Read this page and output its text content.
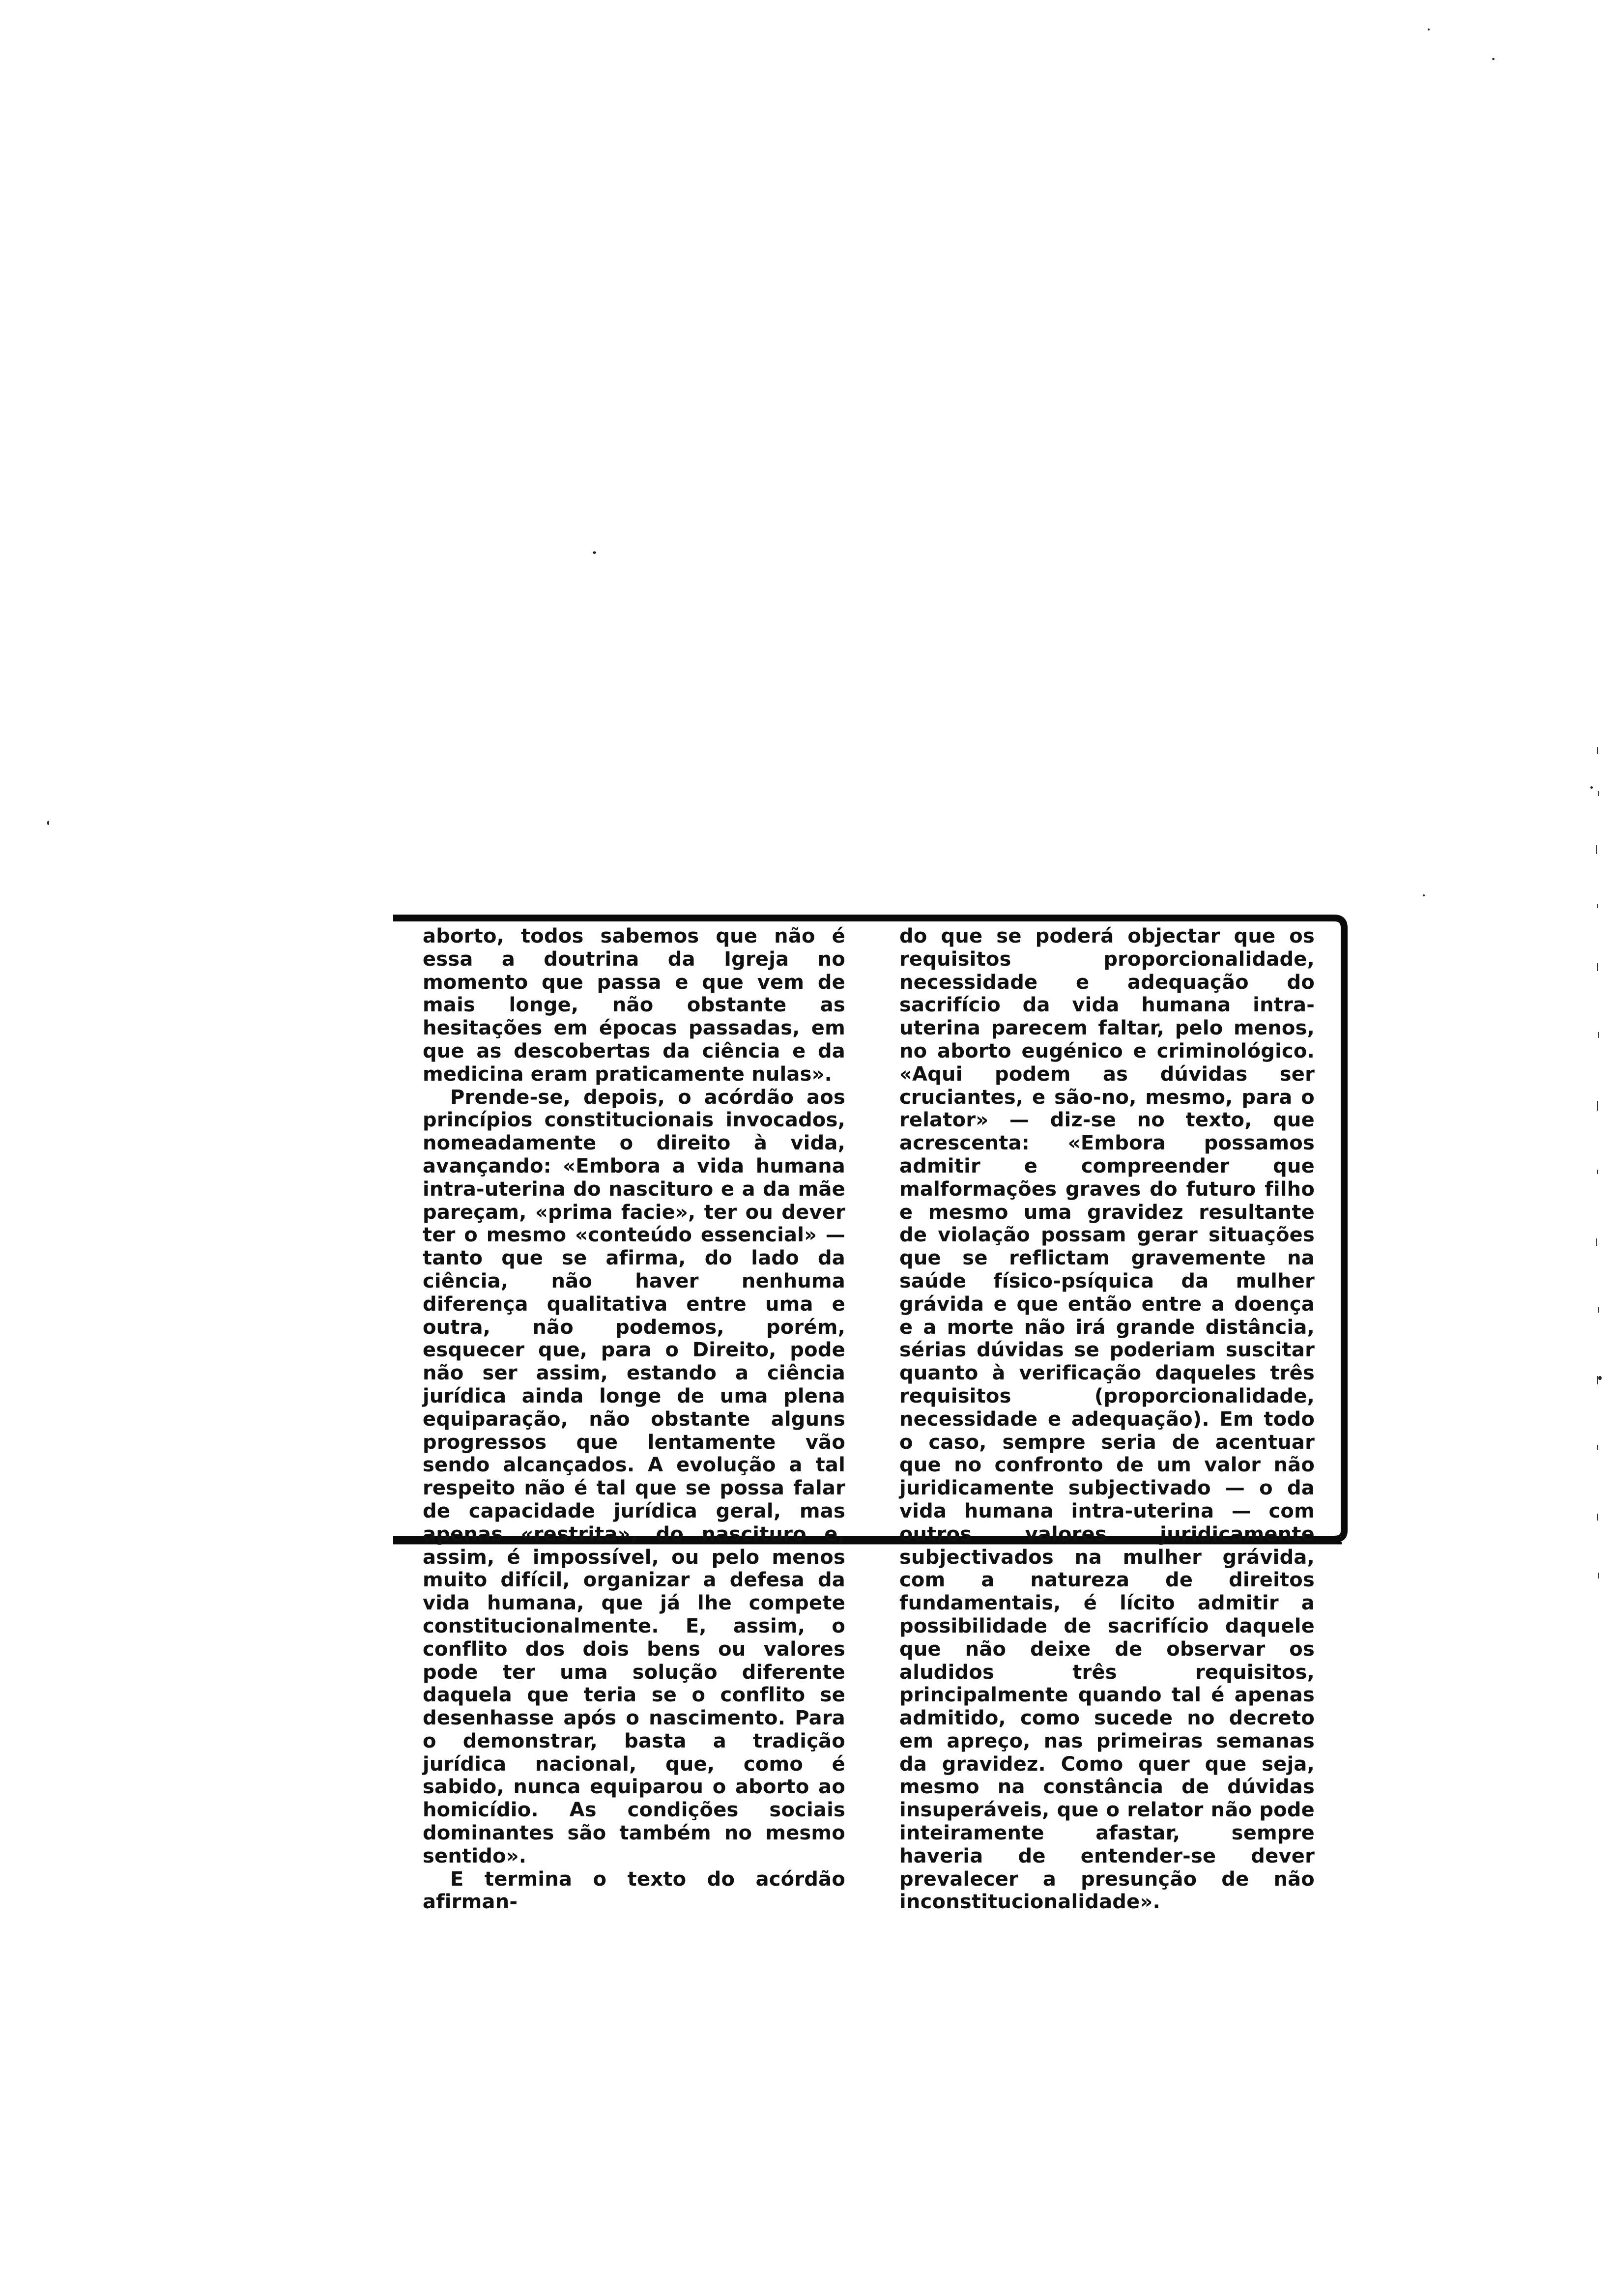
aborto, todos sabemos que não é essa a doutrina da Igreja no momento que passa e que vem de mais longe, não obstante as hesitações em épocas passadas, em que as descobertas da ciência e da medicina eram praticamente nulas».

Prende-se, depois, o acórdão aos princípios constitucionais invocados, nomeadamente o direito à vida, avançando: «Embora a vida humana intra-uterina do nascituro e a da mãe pareçam, «prima facie», ter ou dever ter o mesmo «conteúdo essencial» — tanto que se afirma, do lado da ciência, não haver nenhuma diferença qualitativa entre uma e outra, não podemos, porém, esquecer que, para o Direito, pode não ser assim, estando a ciência jurídica ainda longe de uma plena equiparação, não obstante alguns progressos que lentamente vão sendo alcançados. A evolução a tal respeito não é tal que se possa falar de capacidade jurídica geral, mas apenas «restrita», do nascituro e, assim, é impossível, ou pelo menos muito difícil, organizar a defesa da vida humana, que já lhe compete constitucionalmente. E, assim, o conflito dos dois bens ou valores pode ter uma solução diferente daquela que teria se o conflito se desenhasse após o nascimento. Para o demonstrar, basta a tradição jurídica nacional, que, como é sabido, nunca equiparou o aborto ao homicídio. As condições sociais dominantes são também no mesmo sentido».

E termina o texto do acórdão afirman-

do que se poderá objectar que os requisitos proporcionalidade, necessidade e adequação do sacrifício da vida humana intra-uterina parecem faltar, pelo menos, no aborto eugénico e criminológico. «Aqui podem as dúvidas ser cruciantes, e são-no, mesmo, para o relator» — diz-se no texto, que acrescenta: «Embora possamos admitir e compreender que malformações graves do futuro filho e mesmo uma gravidez resultante de violação possam gerar situações que se reflictam gravemente na saúde físico-psíquica da mulher grávida e que então entre a doença e a morte não irá grande distância, sérias dúvidas se poderiam suscitar quanto à verificação daqueles três requisitos (proporcionalidade, necessidade e adequação). Em todo o caso, sempre seria de acentuar que no confronto de um valor não juridicamente subjectivado — o da vida humana intra-uterina — com outros valores juridicamente subjectivados na mulher grávida, com a natureza de direitos fundamentais, é lícito admitir a possibilidade de sacrifício daquele que não deixe de observar os aludidos três requisitos, principalmente quando tal é apenas admitido, como sucede no decreto em apreço, nas primeiras semanas da gravidez. Como quer que seja, mesmo na constância de dúvidas insuperáveis, que o relator não pode inteiramente afastar, sempre haveria de entender-se dever prevalecer a presunção de não inconstitucionalidade».
